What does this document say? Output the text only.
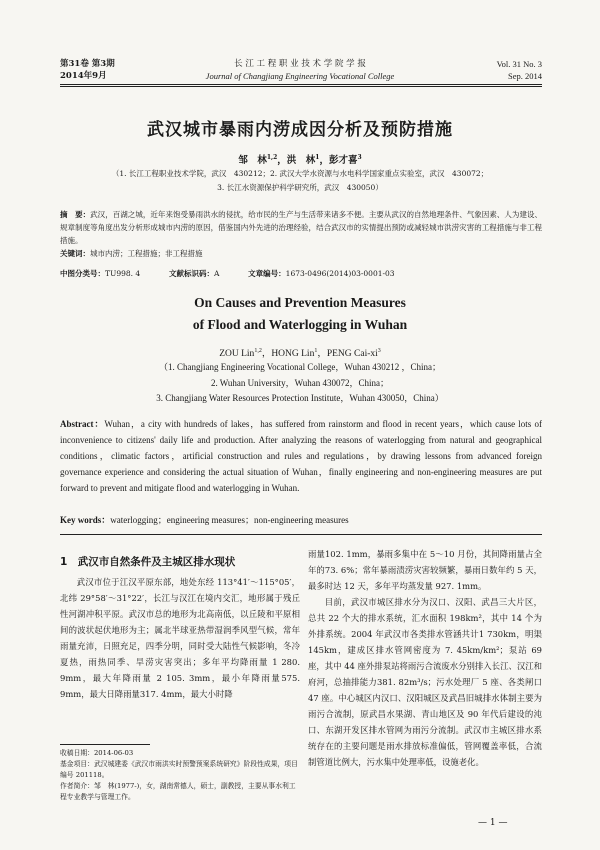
第31卷 第3期
2014年9月
长 江 工 程 职 业 技 术 学 院 学 报
Journal of Changjiang Engineering Vocational College
Vol. 31 No. 3
Sep. 2014
武汉城市暴雨内涝成因分析及预防措施
邹　林$^{1,2}$，洪　林$^1$，彭才喜$^3$
（1. 长江工程职业技术学院，武汉　430212；2. 武汉大学水资源与水电科学国家重点实验室，武汉　430072；
3. 长江水资源保护科学研究所，武汉　430050）
摘　要：武汉，百湖之城，近年来饱受暴雨洪水的侵扰，给市民的生产与生活带来诸多不便。主要从武汉的自然地理条件、气象因素、人为建设、规章制度等角度出发分析形成城市内涝的原因，借鉴国内外先进的治理经验，结合武汉市的实情提出预防或减轻城市洪涝灾害的工程措施与非工程措施。
关键词：城市内涝；工程措施；非工程措施
中图分类号：TU998. 4	文献标识码：A	文章编号：1673-0496(2014)03-0001-03
On Causes and Prevention Measures
of Flood and Waterlogging in Wuhan
ZOU Lin$^{1,2}$，HONG Lin$^1$，PENG Cai-$xi^3$
（1. Changjiang Engineering Vocational College，Wuhan 430212 ，China；
2. Wuhan University，Wuhan 430072，China；
3. Changjiang Water Resources Protection Institute，Wuhan 430050，China）
Abstract：Wuhan，a city with hundreds of lakes，has suffered from rainstorm and flood in recent years，which cause lots of inconvenience to citizens' daily life and production. After analyzing the reasons of waterlogging from natural and geographical conditions，climatic factors，artificial construction and rules and regulations，by drawing lessons from advanced foreign governance experience and considering the actual situation of Wuhan，finally engineering and non-engineering measures are put forward to prevent and mitigate flood and waterlogging in Wuhan.
Key words：waterlogging；engineering measures；non-engineering measures
1　武汉市自然条件及主城区排水现状

武汉市位于江汉平原东部，地处东经 113°41′～115°05′，北纬 29°58′～31°22′，长江与汉江在境内交汇，地形属于残丘性河湖冲积平原。武汉市总的地形为北高南低，以丘陵和平原相间的波状起伏地形为主；属北半球亚热带湿润季风型气候，常年雨量充沛，日照充足，四季分明，同时受大陆性气候影响，冬冷夏热，雨热同季、旱涝灾害突出；多年平均降雨量 1 280. 9mm，最大年降雨量 2 105. 3mm，最小年降雨量575. 9mm，最大日降雨量317. 4mm，最大小时降

收稿日期：2014-06-03

基金项目：武汉城建委《武汉市雨洪实时预警预案系统研究》阶段性成果，项目编号 201118。

作者简介：邹　林(1977-)，女，湖南常德人，硕士，副教授，主要从事水利工程专业教学与管理工作。

雨量102. 1mm，暴雨多集中在 5～10 月份，其间降雨量占全年的73. 6%；常年暴雨渍涝灾害较频繁，暴雨日数年约 5 天，最多时达 12 天，多年平均蒸发量 927. 1mm。

目前，武汉市城区排水分为汉口、汉阳、武昌三大片区，总共 22 个大的排水系统，汇水面积 198km²，其中 14 个为外排系统。2004 年武汉市各类排水管涵共计1 730km，明渠 145km，建成区排水管网密度为 7. 45km/km²；泵站 69 座，其中 44 座外排泵站将雨污合流废水分别排入长江、汉江和府河，总抽排能力381. 82m³/s；污水处理厂 5 座、各类闸口 47 座。中心城区内汉口、汉阳城区及武昌旧城排水体制主要为雨污合流制，原武昌水果湖、青山地区及 90 年代后建设的沌口、东湖开发区排水管网为雨污分流制。武汉市主城区排水系统存在的主要问题是雨水排放标准偏低，管网覆盖率低，合流制管道比例大，污水集中处理率低，设施老化。

— 1 —
